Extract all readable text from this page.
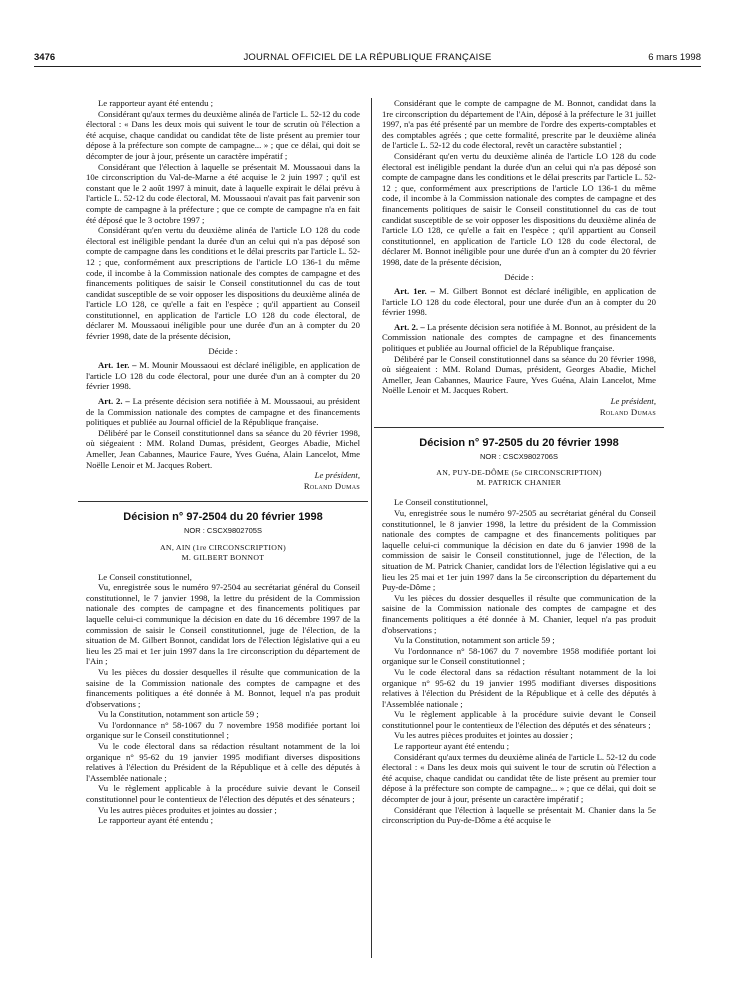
3476	JOURNAL OFFICIEL DE LA RÉPUBLIQUE FRANÇAISE	6 mars 1998

Le rapporteur ayant été entendu ;

Considérant qu'aux termes du deuxième alinéa de l'article L. 52-12 du code électoral : « Dans les deux mois qui suivent le tour de scrutin où l'élection a été acquise, chaque candidat ou candidat tête de liste présent au premier tour dépose à la préfecture son compte de campagne... » ; que ce délai, qui doit se décompter de jour à jour, présente un caractère impératif ;

Considérant que l'élection à laquelle se présentait M. Moussaoui dans la 10e circonscription du Val-de-Marne a été acquise le 2 juin 1997 ; qu'il est constant que le 2 août 1997 à minuit, date à laquelle expirait le délai prévu à l'article L. 52-12 du code électoral, M. Moussaoui n'avait pas fait parvenir son compte de campagne à la préfecture ; que ce compte de campagne n'a en fait été déposé que le 3 octobre 1997 ;

Considérant qu'en vertu du deuxième alinéa de l'article LO 128 du code électoral est inéligible pendant la durée d'un an celui qui n'a pas déposé son compte de campagne dans les conditions et le délai prescrits par l'article L. 52-12 ; que, conformément aux prescriptions de l'article LO 136-1 du même code, il incombe à la Commission nationale des comptes de campagne et des financements politiques de saisir le Conseil constitutionnel du cas de tout candidat susceptible de se voir opposer les dispositions du deuxième alinéa de l'article LO 128, ce qu'elle a fait en l'espèce ; qu'il appartient au Conseil constitutionnel, en application de l'article LO 128 du code électoral, de déclarer M. Moussaoui inéligible pour une durée d'un an à compter du 20 février 1998, date de la présente décision,

Décide :

Art. 1er. – M. Mounir Moussaoui est déclaré inéligible, en application de l'article LO 128 du code électoral, pour une durée d'un an à compter du 20 février 1998.

Art. 2. – La présente décision sera notifiée à M. Moussaoui, au président de la Commission nationale des comptes de campagne et des financements politiques et publiée au Journal officiel de la République française.

Délibéré par le Conseil constitutionnel dans sa séance du 20 février 1998, où siégeaient : MM. Roland Dumas, président, Georges Abadie, Michel Ameller, Jean Cabannes, Maurice Faure, Yves Guéna, Alain Lancelot, Mme Noëlle Lenoir et M. Jacques Robert.

Le président,

Roland Dumas

Décision n° 97-2504 du 20 février 1998
NOR : CSCX9802705S
AN, AIN (1re CIRCONSCRIPTION)
M. GILBERT BONNOT

Le Conseil constitutionnel,

Vu, enregistrée sous le numéro 97-2504 au secrétariat général du Conseil constitutionnel, le 7 janvier 1998, la lettre du président de la Commission nationale des comptes de campagne et des financements politiques par laquelle celui-ci communique la décision en date du 16 décembre 1997 de la commission de saisir le Conseil constitutionnel, juge de l'élection, de la situation de M. Gilbert Bonnot, candidat lors de l'élection législative qui a eu lieu les 25 mai et 1er juin 1997 dans la 1re circonscription du département de l'Ain ;

Vu les pièces du dossier desquelles il résulte que communication de la saisine de la Commission nationale des comptes de campagne et des financements politiques a été donnée à M. Bonnot, lequel n'a pas produit d'observations ;

Vu la Constitution, notamment son article 59 ;

Vu l'ordonnance n° 58-1067 du 7 novembre 1958 modifiée portant loi organique sur le Conseil constitutionnel ;

Vu le code électoral dans sa rédaction résultant notamment de la loi organique n° 95-62 du 19 janvier 1995 modifiant diverses dispositions relatives à l'élection du Président de la République et à celle des députés à l'Assemblée nationale ;

Vu le règlement applicable à la procédure suivie devant le Conseil constitutionnel pour le contentieux de l'élection des députés et des sénateurs ;

Vu les autres pièces produites et jointes au dossier ;

Le rapporteur ayant été entendu ;

Considérant que le compte de campagne de M. Bonnot, candidat dans la 1re circonscription du département de l'Ain, déposé à la préfecture le 31 juillet 1997, n'a pas été présenté par un membre de l'ordre des experts-comptables et des comptables agréés ; que cette formalité, prescrite par le deuxième alinéa de l'article L. 52-12 du code électoral, revêt un caractère substantiel ;

Considérant qu'en vertu du deuxième alinéa de l'article LO 128 du code électoral est inéligible pendant la durée d'un an celui qui n'a pas déposé son compte de campagne dans les conditions et le délai prescrits par l'article L. 52-12 ; que, conformément aux prescriptions de l'article LO 136-1 du même code, il incombe à la Commission nationale des comptes de campagne et des financements politiques de saisir le Conseil constitutionnel du cas de tout candidat susceptible de se voir opposer les dispositions du deuxième alinéa de l'article LO 128, ce qu'elle a fait en l'espèce ; qu'il appartient au Conseil constitutionnel, en application de l'article LO 128 du code électoral, de déclarer M. Bonnot inéligible pour une durée d'un an à compter du 20 février 1998, date de la présente décision,

Décide :

Art. 1er. – M. Gilbert Bonnot est déclaré inéligible, en application de l'article LO 128 du code électoral, pour une durée d'un an à compter du 20 février 1998.

Art. 2. – La présente décision sera notifiée à M. Bonnot, au président de la Commission nationale des comptes de campagne et des financements politiques et publiée au Journal officiel de la République française.

Délibéré par le Conseil constitutionnel dans sa séance du 20 février 1998, où siégeaient : MM. Roland Dumas, président, Georges Abadie, Michel Ameller, Jean Cabannes, Maurice Faure, Yves Guéna, Alain Lancelot, Mme Noëlle Lenoir et M. Jacques Robert.

Le président,

Roland Dumas

Décision n° 97-2505 du 20 février 1998
NOR : CSCX9802706S
AN, PUY-DE-DÔME (5e CIRCONSCRIPTION)
M. PATRICK CHANIER

Le Conseil constitutionnel,

Vu, enregistrée sous le numéro 97-2505 au secrétariat général du Conseil constitutionnel, le 8 janvier 1998, la lettre du président de la Commission nationale des comptes de campagne et des financements politiques par laquelle celui-ci communique la décision en date du 6 janvier 1998 de la commission de saisir le Conseil constitutionnel, juge de l'élection, de la situation de M. Patrick Chanier, candidat lors de l'élection législative qui a eu lieu les 25 mai et 1er juin 1997 dans la 5e circonscription du département du Puy-de-Dôme ;

Vu les pièces du dossier desquelles il résulte que communication de la saisine de la Commission nationale des comptes de campagne et des financements politiques a été donnée à M. Chanier, lequel n'a pas produit d'observations ;

Vu la Constitution, notamment son article 59 ;

Vu l'ordonnance n° 58-1067 du 7 novembre 1958 modifiée portant loi organique sur le Conseil constitutionnel ;

Vu le code électoral dans sa rédaction résultant notamment de la loi organique n° 95-62 du 19 janvier 1995 modifiant diverses dispositions relatives à l'élection du Président de la République et à celle des députés à l'Assemblée nationale ;

Vu le règlement applicable à la procédure suivie devant le Conseil constitutionnel pour le contentieux de l'élection des députés et des sénateurs ;

Vu les autres pièces produites et jointes au dossier ;

Le rapporteur ayant été entendu ;

Considérant qu'aux termes du deuxième alinéa de l'article L. 52-12 du code électoral : « Dans les deux mois qui suivent le tour de scrutin où l'élection a été acquise, chaque candidat ou candidat tête de liste présent au premier tour dépose à la préfecture son compte de campagne... » ; que ce délai, qui doit se décompter de jour à jour, présente un caractère impératif ;

Considérant que l'élection à laquelle se présentait M. Chanier dans la 5e circonscription du Puy-de-Dôme a été acquise le
